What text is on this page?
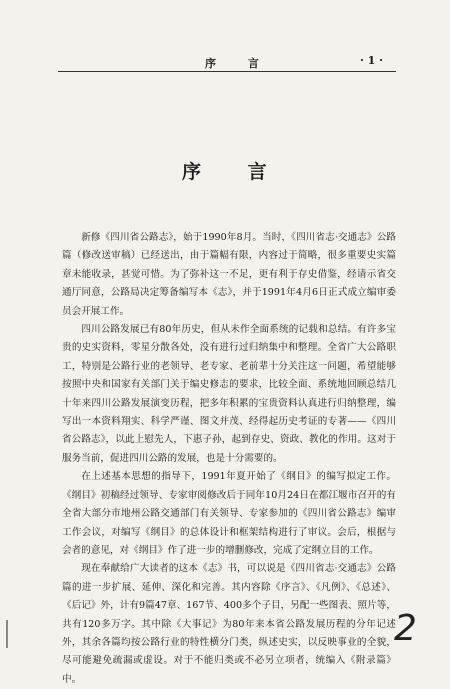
序 言	· 1 ·
序 言

新修《四川省公路志》，始于1990年8月。当时，《四川省志·交通志》公路篇（修改送审稿）已经送出，由于篇幅有限，内容过于简略，很多重要史实篇章未能收录，甚觉可惜。为了弥补这一不足，更有利于存史借鉴，经请示省交通厅同意，公路局决定筹备编写本《志》，并于1991年4月6日正式成立编审委员会开展工作。

四川公路发展已有80年历史，但从未作全面系统的记载和总结。有许多宝贵的史实资料，零星分散各处，没有进行过归纳集中和整理。全省广大公路职工，特别是公路行业的老领导、老专家、老前辈十分关注这一问题，希望能够按照中央和国家有关部门关于编史修志的要求，比较全面、系统地回顾总结几十年来四川公路发展演变历程，把多年积累的宝贵资料认真进行归纳整理，编写出一本资料翔实、科学严谨、图文并茂、经得起历史考证的专著——《四川省公路志》，以此上慰先人，下惠子孙，起到存史、资政、教化的作用。这对于服务当前，促进四川公路的发展，也是十分需要的。

在上述基本思想的指导下，1991年夏开始了《纲目》的编写拟定工作。《纲目》初稿经过领导、专家审阅修改后于同年10月24日在都江堰市召开的有全省大部分市地州公路交通部门有关领导、专家参加的《四川省公路志》编审工作会议，对编写《纲目》的总体设计和框架结构进行了审议。会后，根据与会者的意见，对《纲目》作了进一步的增删修改，完成了定纲立目的工作。

现在奉献给广大读者的这本《志》书，可以说是《四川省志·交通志》公路篇的进一步扩展、延伸、深化和完善。其内容除《序言》、《凡例》、《总述》、《后记》外，计有9篇47章、167节、400多个子目，另配一些图表、照片等，共有120多万字。其中除《大事记》为80年来本省公路发展历程的分年记述外，其余各篇均按公路行业的特性横分门类，纵述史实，以反映事业的全貌，尽可能避免疏漏或虚设。对于不能归类或不必另立项者，统编入《附录篇》中。

2
